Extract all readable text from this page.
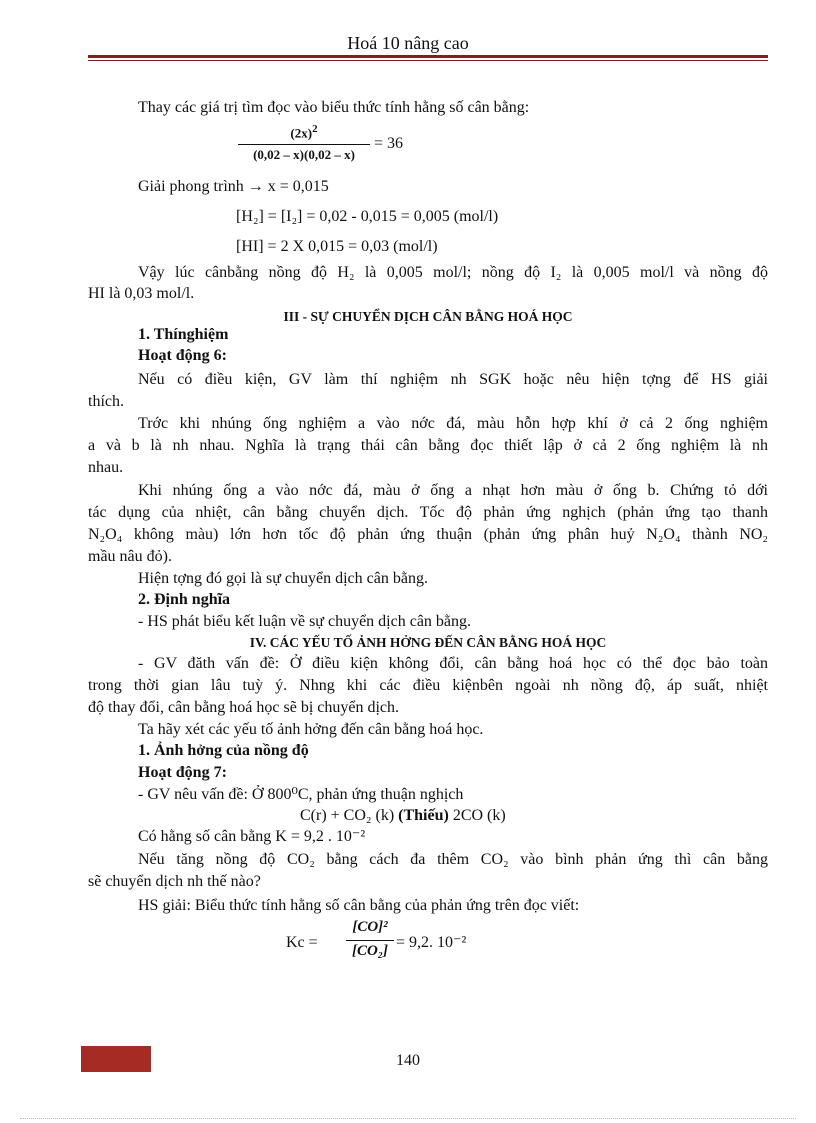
Hoá 10 nâng cao
Thay các giá trị tìm đọc vào biểu thức tính hằng số cân bằng:
$(2x)^2$
(0,02 – x)(0,02 – x)
= 36
Giải phong trình → x = 0,015
[H₂] = [I₂] = 0,02 - 0,015 = 0,005 (mol/l)
[HI] = 2 X 0,015 = 0,03 (mol/l)
Vậy lúc cânbằng nồng độ H₂ là 0,005 mol/l; nồng độ I₂ là 0,005 mol/l và nồng độ
HI là 0,03 mol/l.
III - SỰ CHUYỂN DỊCH CÂN BẰNG HOÁ HỌC
1. Thínghiệm
Hoạt động 6:
Nếu có điều kiện, GV làm thí nghiệm nh SGK hoặc nêu hiện tợng để HS giải
thích.
Trớc khi nhúng ống nghiệm a vào nớc đá, màu hỗn hợp khí ở cả 2 ống nghiệm
a và b là nh nhau. Nghĩa là trạng thái cân bằng đọc thiết lập ở cả 2 ống nghiệm là nh
nhau.
Khi nhúng ống a vào nớc đá, màu ở ống a nhạt hơn màu ở ống b. Chứng tỏ dới
tác dụng của nhiệt, cân bằng chuyển dịch. Tốc độ phản ứng nghịch (phản ứng tạo thanh
N₂O₄ không màu) lớn hơn tốc độ phản ứng thuận (phản ứng phân huỷ N₂O₄ thành NO₂
mầu nâu đỏ).
Hiện tợng đó gọi là sự chuyển dịch cân bằng.
2. Định nghĩa
- HS phát biểu kết luận về sự chuyển dịch cân bằng.
IV. CÁC YẾU TỐ ẢNH HỞNG ĐẾN CÂN BẰNG HOÁ HỌC
- GV đăth vấn đề: Ở điều kiện không đổi, cân bằng hoá học có thể đọc bảo toàn
trong thời gian lâu tuỳ ý. Nhng khi các điều kiệnbên ngoài nh nồng độ, áp suất, nhiệt
độ thay đổi, cân bằng hoá học sẽ bị chuyển dịch.
Ta hãy xét các yếu tố ảnh hởng đến cân bằng hoá học.
1. Ảnh hởng của nồng độ
Hoạt động 7:
- GV nêu vấn đề: Ở 800⁰C, phản ứng thuận nghịch
C(r) + CO₂ (k) (Thiếu) 2CO (k)
Có hằng số cân bằng K = 9,2 . 10⁻²
Nếu tăng nồng độ CO₂ bằng cách đa thêm CO₂ vào bình phản ứng thì cân bằng
sẽ chuyển dịch nh thế nào?
HS giải: Biểu thức tính hằng số cân bằng của phản ứng trên đọc viết:
Kc =
[CO]²
[CO₂] = 9,2. 10⁻²
140
